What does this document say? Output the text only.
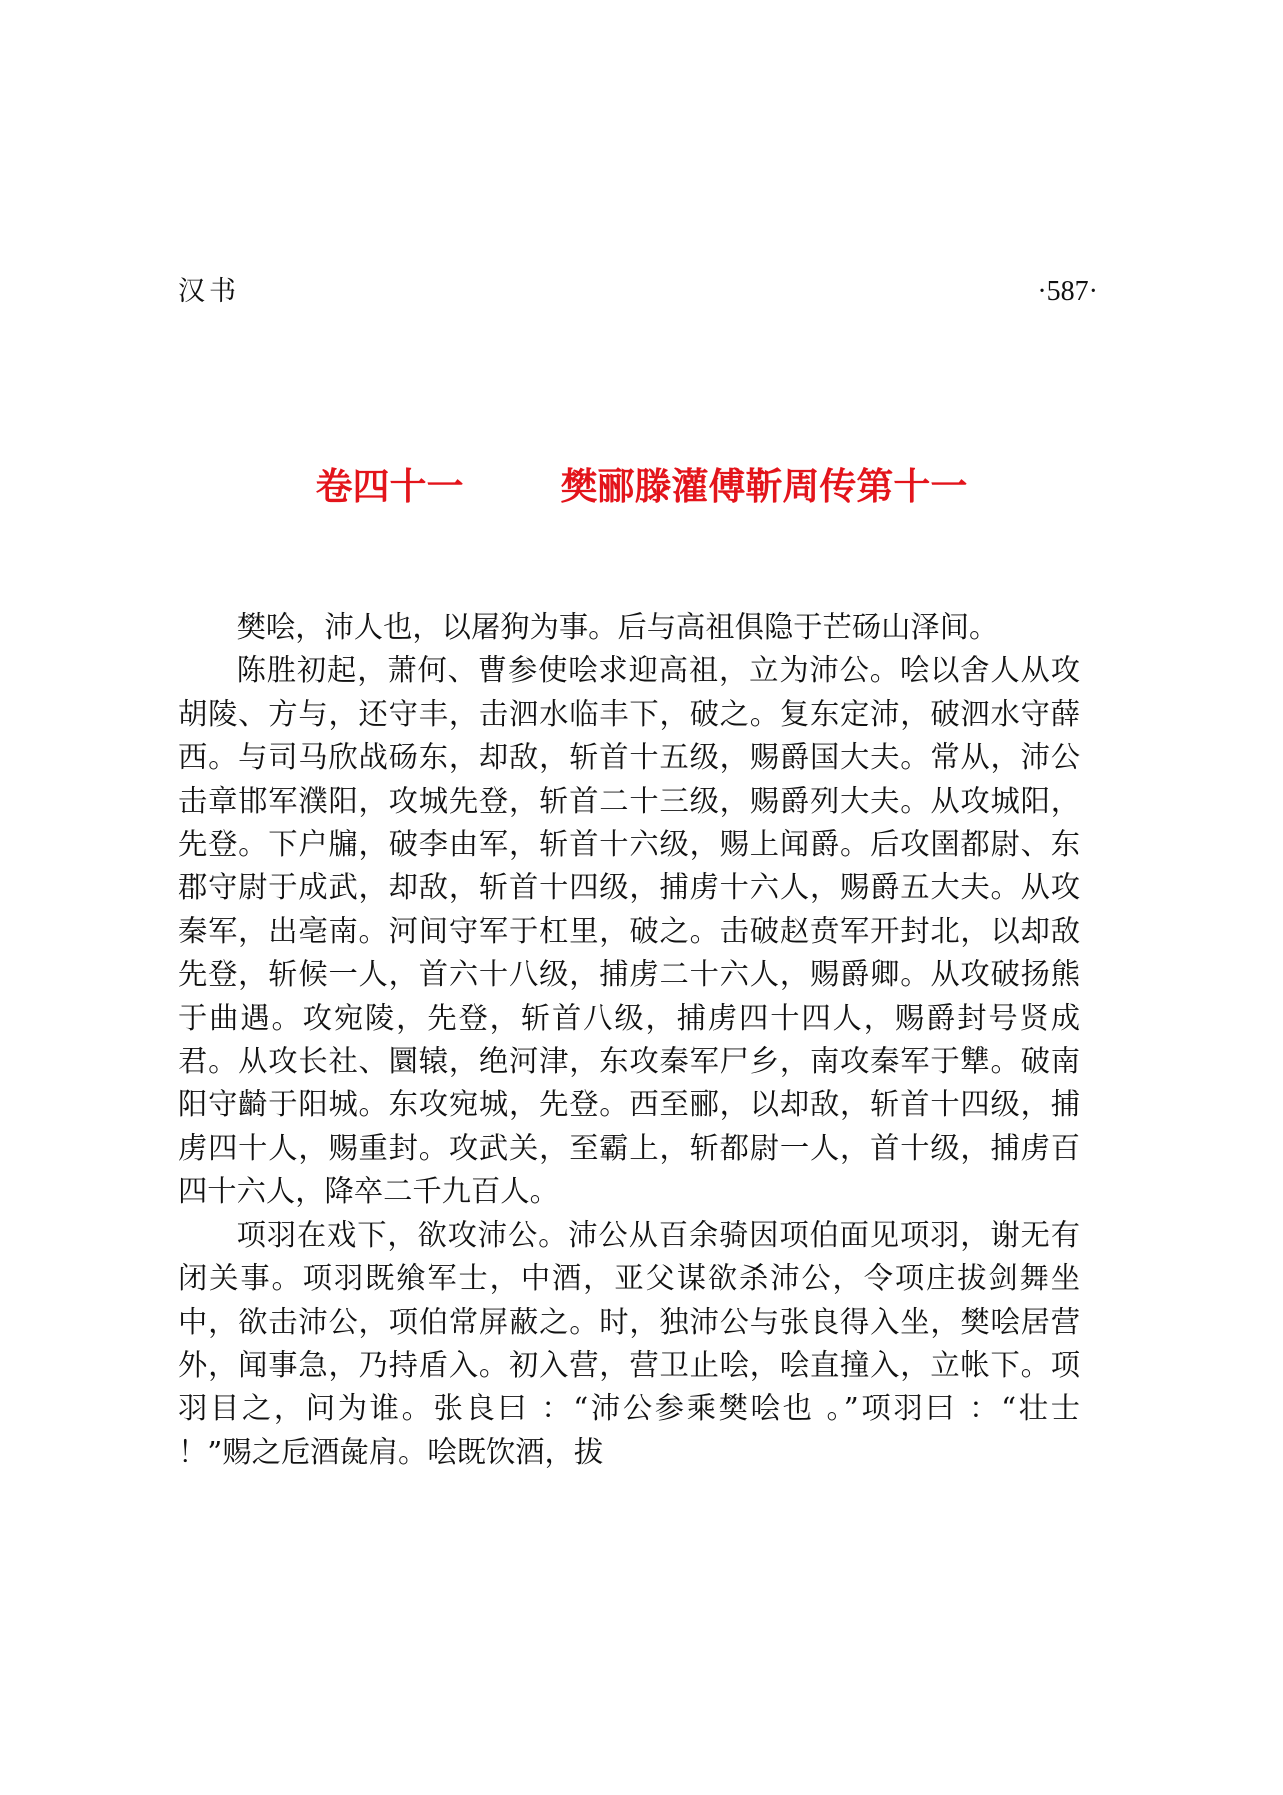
汉书	·587·
卷四十一	樊郦滕灌傅靳周传第十一

樊哙，沛人也，以屠狗为事。后与高祖俱隐于芒砀山泽间。

陈胜初起，萧何、曹参使哙求迎高祖，立为沛公。哙以舍人从攻胡陵、方与，还守丰，击泗水临丰下，破之。复东定沛，破泗水守薛西。与司马欣战砀东，却敌，斩首十五级，赐爵国大夫。常从，沛公击章邯军濮阳，攻城先登，斩首二十三级，赐爵列大夫。从攻城阳，先登。下户牖，破李由军，斩首十六级，赐上闻爵。后攻圉都尉、东郡守尉于成武，却敌，斩首十四级，捕虏十六人，赐爵五大夫。从攻秦军，出亳南。河间守军于杠里，破之。击破赵贲军开封北，以却敌先登，斩候一人，首六十八级，捕虏二十六人，赐爵卿。从攻破扬熊于曲遇。攻宛陵，先登，斩首八级，捕虏四十四人，赐爵封号贤成君。从攻长社、圜辕，绝河津，东攻秦军尸乡，南攻秦军于犨。破南阳守齮于阳城。东攻宛城，先登。西至郦，以却敌，斩首十四级，捕虏四十人，赐重封。攻武关，至霸上，斩都尉一人，首十级，捕虏百四十六人，降卒二千九百人。

项羽在戏下，欲攻沛公。沛公从百余骑因项伯面见项羽，谢无有闭关事。项羽既飨军士，中酒，亚父谋欲杀沛公，令项庄拔剑舞坐中，欲击沛公，项伯常屏蔽之。时，独沛公与张良得入坐，樊哙居营外，闻事急，乃持盾入。初入营，营卫止哙，哙直撞入，立帐下。项羽目之，问为谁。张良曰 ：“沛公参乘樊哙也 。”项羽曰 ：“壮士 ！”赐之卮酒彘肩。哙既饮酒，拔
